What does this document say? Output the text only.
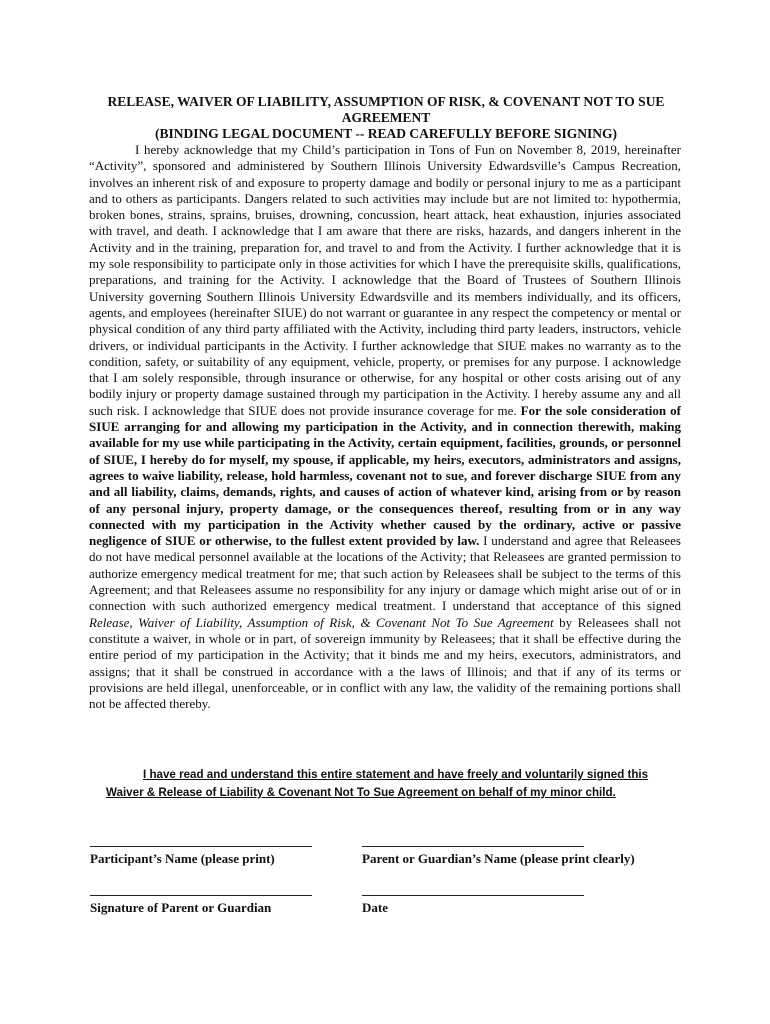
RELEASE, WAIVER OF LIABILITY, ASSUMPTION OF RISK, & COVENANT NOT TO SUE AGREEMENT
(BINDING LEGAL DOCUMENT -- READ CAREFULLY BEFORE SIGNING)
I hereby acknowledge that my Child’s participation in Tons of Fun on November 8, 2019, hereinafter “Activity”, sponsored and administered by Southern Illinois University Edwardsville’s Campus Recreation, involves an inherent risk of and exposure to property damage and bodily or personal injury to me as a participant and to others as participants. Dangers related to such activities may include but are not limited to: hypothermia, broken bones, strains, sprains, bruises, drowning, concussion, heart attack, heat exhaustion, injuries associated with travel, and death. I acknowledge that I am aware that there are risks, hazards, and dangers inherent in the Activity and in the training, preparation for, and travel to and from the Activity. I further acknowledge that it is my sole responsibility to participate only in those activities for which I have the prerequisite skills, qualifications, preparations, and training for the Activity. I acknowledge that the Board of Trustees of Southern Illinois University governing Southern Illinois University Edwardsville and its members individually, and its officers, agents, and employees (hereinafter SIUE) do not warrant or guarantee in any respect the competency or mental or physical condition of any third party affiliated with the Activity, including third party leaders, instructors, vehicle drivers, or individual participants in the Activity. I further acknowledge that SIUE makes no warranty as to the condition, safety, or suitability of any equipment, vehicle, property, or premises for any purpose. I acknowledge that I am solely responsible, through insurance or otherwise, for any hospital or other costs arising out of any bodily injury or property damage sustained through my participation in the Activity. I hereby assume any and all such risk. I acknowledge that SIUE does not provide insurance coverage for me. For the sole consideration of SIUE arranging for and allowing my participation in the Activity, and in connection therewith, making available for my use while participating in the Activity, certain equipment, facilities, grounds, or personnel of SIUE, I hereby do for myself, my spouse, if applicable, my heirs, executors, administrators and assigns, agrees to waive liability, release, hold harmless, covenant not to sue, and forever discharge SIUE from any and all liability, claims, demands, rights, and causes of action of whatever kind, arising from or by reason of any personal injury, property damage, or the consequences thereof, resulting from or in any way connected with my participation in the Activity whether caused by the ordinary, active or passive negligence of SIUE or otherwise, to the fullest extent provided by law. I understand and agree that Releasees do not have medical personnel available at the locations of the Activity; that Releasees are granted permission to authorize emergency medical treatment for me; that such action by Releasees shall be subject to the terms of this Agreement; and that Releasees assume no responsibility for any injury or damage which might arise out of or in connection with such authorized emergency medical treatment. I understand that acceptance of this signed Release, Waiver of Liability, Assumption of Risk, & Covenant Not To Sue Agreement by Releasees shall not constitute a waiver, in whole or in part, of sovereign immunity by Releasees; that it shall be effective during the entire period of my participation in the Activity; that it binds me and my heirs, executors, administrators, and assigns; that it shall be construed in accordance with a the laws of Illinois; and that if any of its terms or provisions are held illegal, unenforceable, or in conflict with any law, the validity of the remaining portions shall not be affected thereby.
I have read and understand this entire statement and have freely and voluntarily signed this Waiver & Release of Liability & Covenant Not To Sue Agreement on behalf of my minor child.
Participant’s Name (please print)	Parent or Guardian’s Name (please print clearly)
Signature of Parent or Guardian	Date
